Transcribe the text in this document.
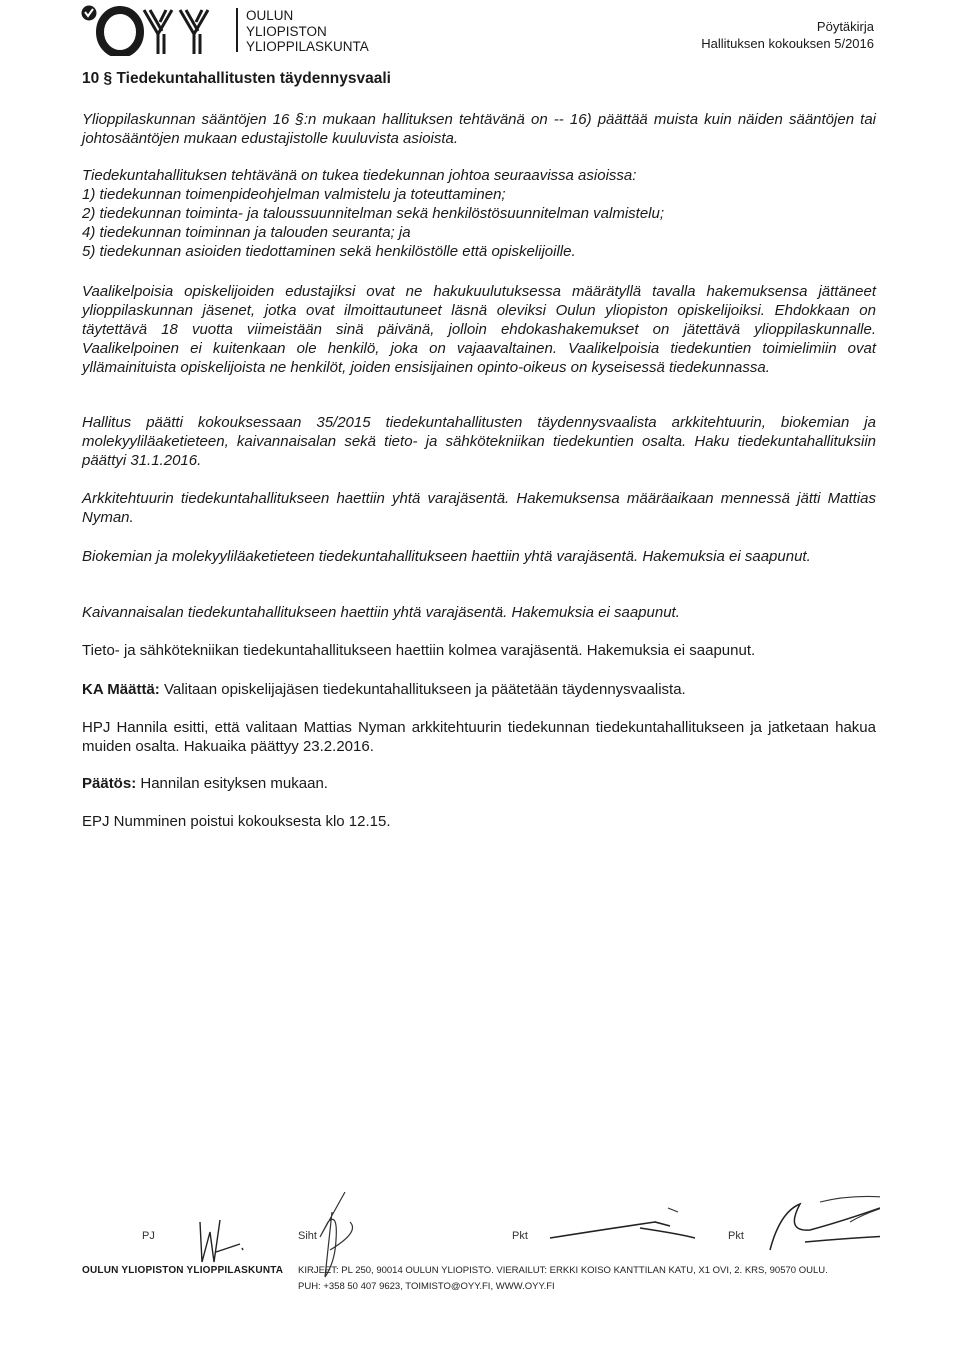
OULUN
YLIOPISTON
YLIOPPILASKUNTA
Pöytäkirja
Hallituksen kokouksen 5/2016
10 § Tiedekuntahallitusten täydennysvaali

Ylioppilaskunnan sääntöjen 16 §:n mukaan hallituksen tehtävänä on -- 16) päättää muista kuin näiden sääntöjen tai johtosääntöjen mukaan edustajistolle kuuluvista asioista.

Tiedekuntahallituksen tehtävänä on tukea tiedekunnan johtoa seuraavissa asioissa:
1) tiedekunnan toimenpideohjelman valmistelu ja toteuttaminen;
2) tiedekunnan toiminta- ja taloussuunnitelman sekä henkilöstösuunnitelman valmistelu;
4) tiedekunnan toiminnan ja talouden seuranta; ja
5) tiedekunnan asioiden tiedottaminen sekä henkilöstölle että opiskelijoille.

Vaalikelpoisia opiskelijoiden edustajiksi ovat ne hakukuulutuksessa määrätyllä tavalla hakemuksensa jättäneet ylioppilaskunnan jäsenet, jotka ovat ilmoittautuneet läsnä oleviksi Oulun yliopiston opiskelijoiksi. Ehdokkaan on täytettävä 18 vuotta viimeistään sinä päivänä, jolloin ehdokashakemukset on jätettävä ylioppilaskunnalle. Vaalikelpoinen ei kuitenkaan ole henkilö, joka on vajaavaltainen. Vaalikelpoisia tiedekuntien toimielimiin ovat yllämainituista opiskelijoista ne henkilöt, joiden ensisijainen opinto-oikeus on kyseisessä tiedekunnassa.

Hallitus päätti kokouksessaan 35/2015 tiedekuntahallitusten täydennysvaalista arkkitehtuurin, biokemian ja molekyyliläaketieteen, kaivannaisalan sekä tieto- ja sähkötekniikan tiedekuntien osalta. Haku tiedekuntahallituksiin päättyi 31.1.2016.

Arkkitehtuurin tiedekuntahallitukseen haettiin yhtä varajäsentä. Hakemuksensa määräaikaan mennessä jätti Mattias Nyman.

Biokemian ja molekyyliläaketieteen tiedekuntahallitukseen haettiin yhtä varajäsentä. Hakemuksia ei saapunut.

Kaivannaisalan tiedekuntahallitukseen haettiin yhtä varajäsentä. Hakemuksia ei saapunut.

Tieto- ja sähkötekniikan tiedekuntahallitukseen haettiin kolmea varajäsentä. Hakemuksia ei saapunut.

KA Määttä: Valitaan opiskelijajäsen tiedekuntahallitukseen ja päätetään täydennysvaalista.

HPJ Hannila esitti, että valitaan Mattias Nyman arkkitehtuurin tiedekunnan tiedekuntahallitukseen ja jatketaan hakua muiden osalta. Hakuaika päättyy 23.2.2016.

Päätös: Hannilan esityksen mukaan.

EPJ Numminen poistui kokouksesta klo 12.15.

PJ	Siht	Pkt	Pkt
OULUN YLIOPISTON YLIOPPILASKUNTA KIRJEET: PL 250, 90014 OULUN YLIOPISTO. VIERAILUT: ERKKI KOISO KANTTILAN KATU, X1 OVI, 2. KRS, 90570 OULU.
PUH: +358 50 407 9623, TOIMISTO@OYY.FI, WWW.OYY.FI
